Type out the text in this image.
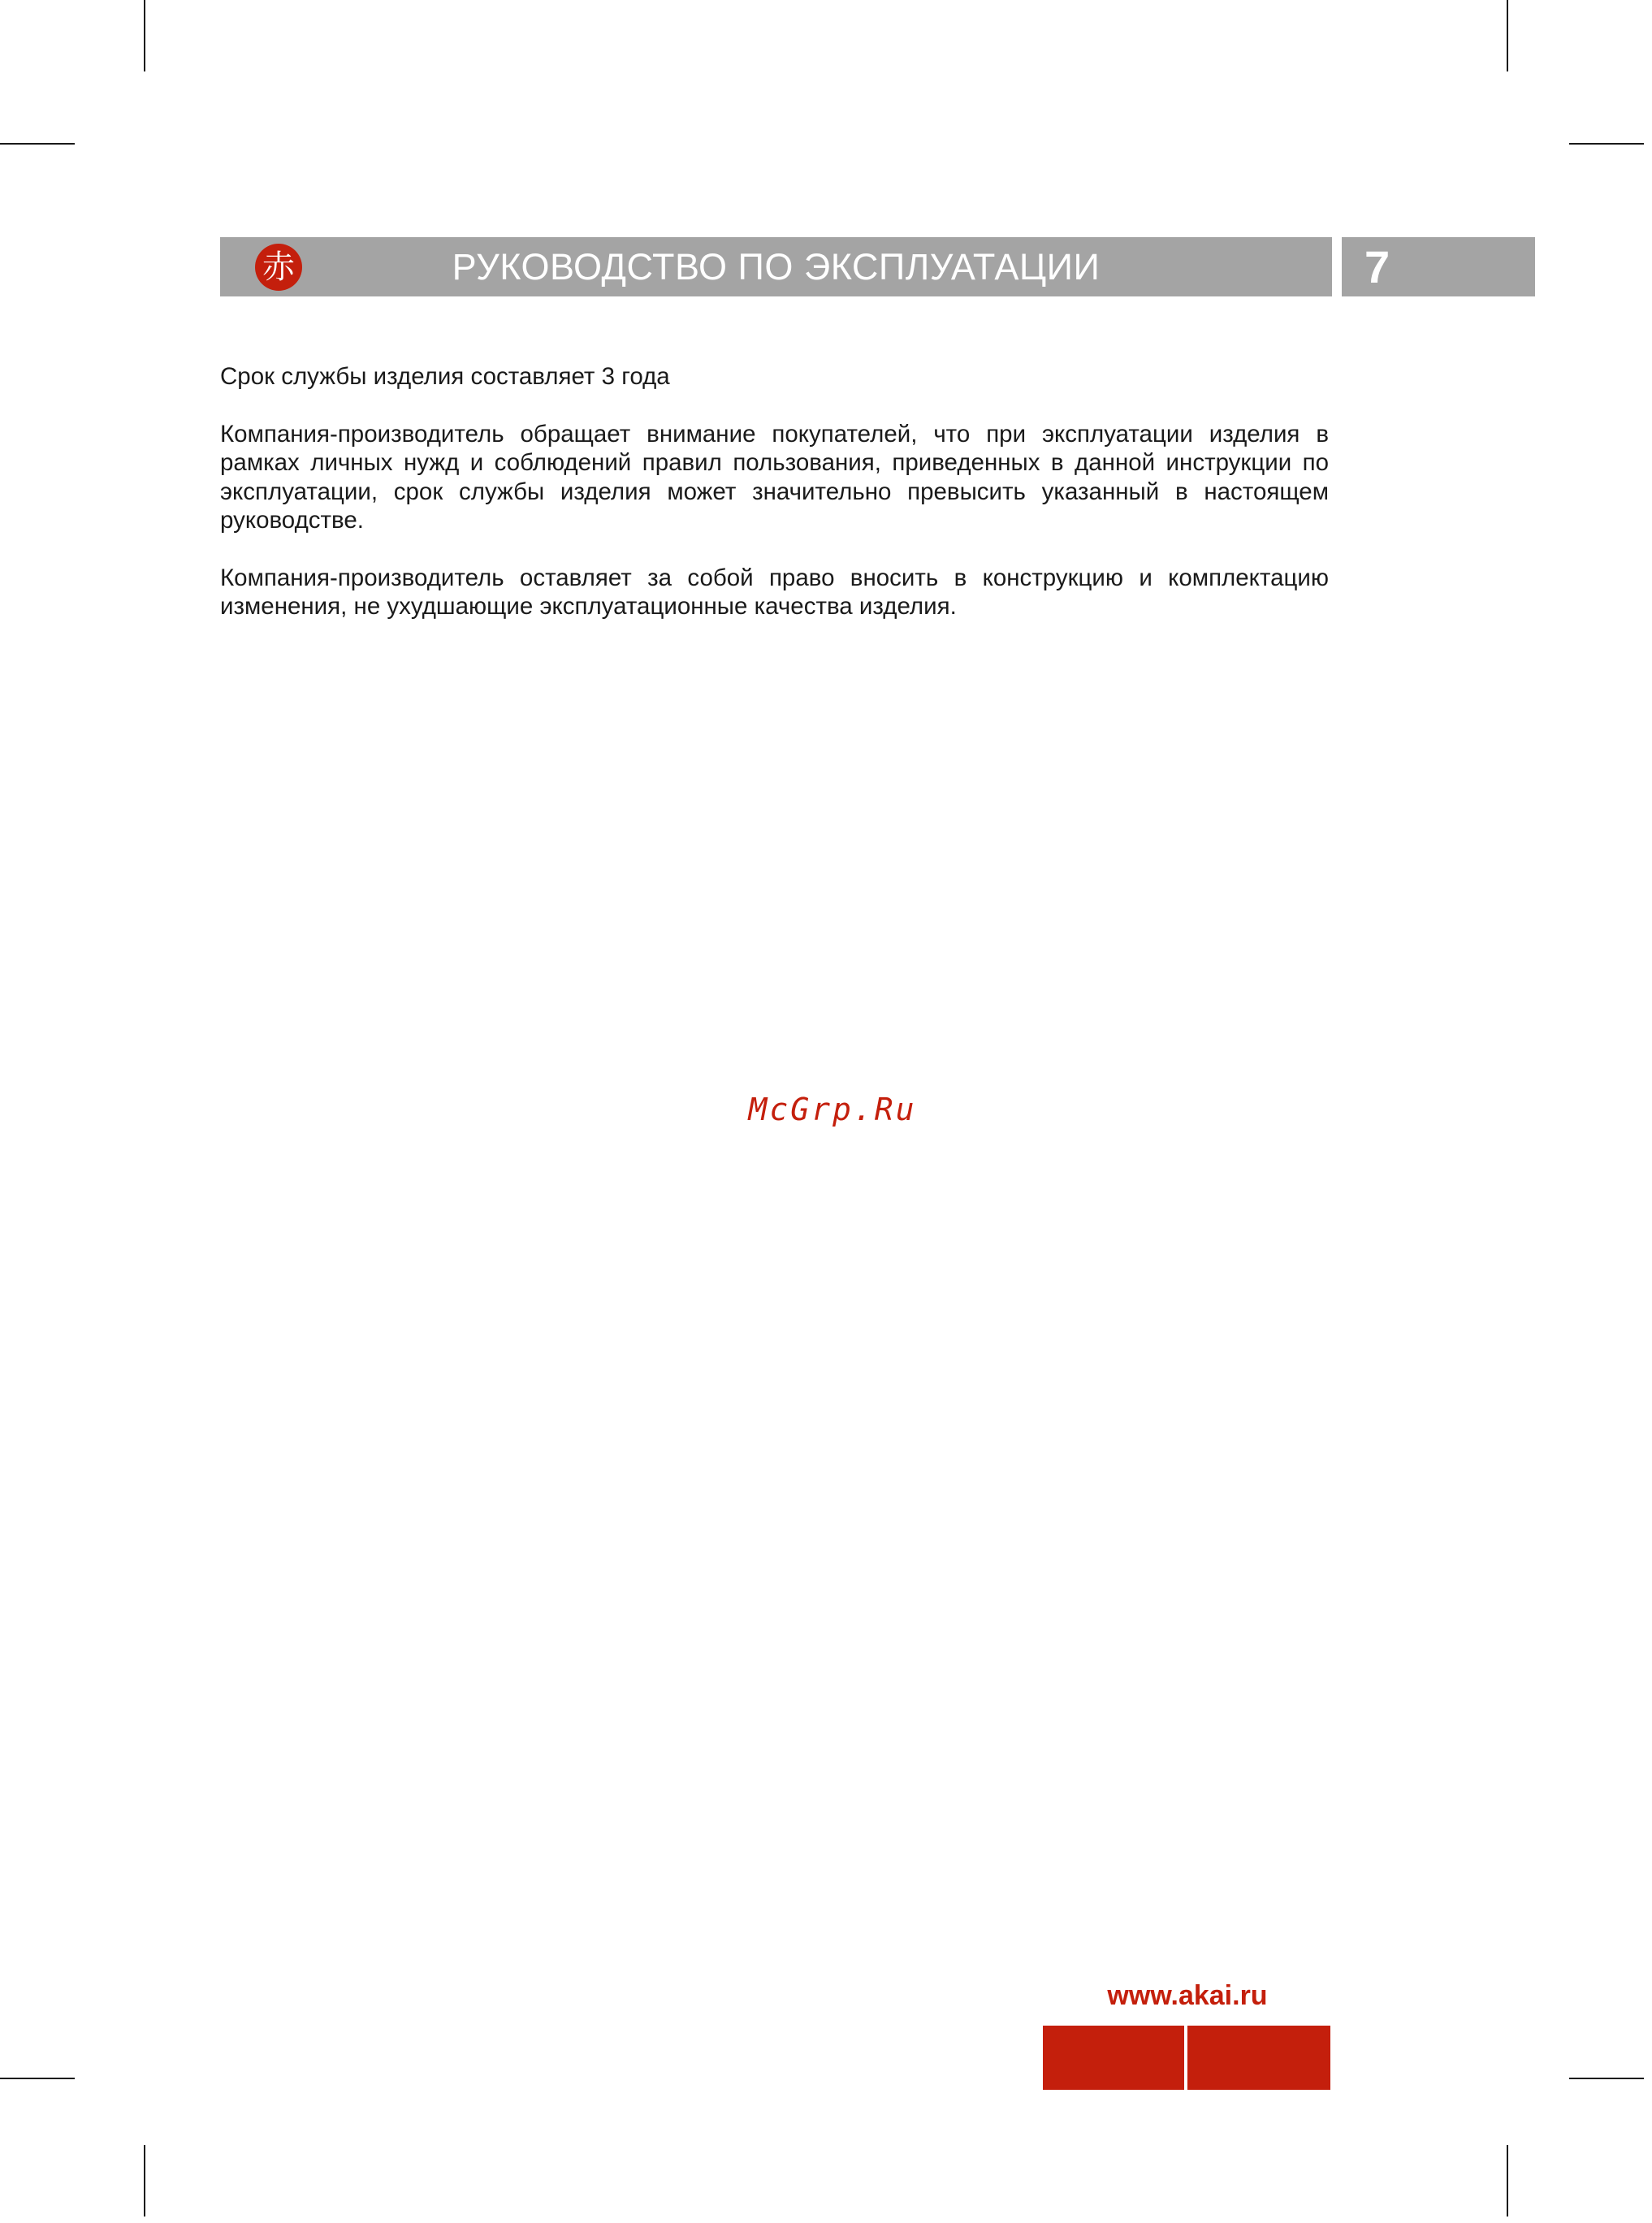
赤	РУКОВОДСТВО ПО ЭКСПЛУАТАЦИИ	7

Срок службы изделия составляет 3 года

Компания-производитель обращает внимание покупателей, что при эксплуатации изделия в рамках личных нужд и соблюдений правил пользования, приведенных в данной инструкции по эксплуатации, срок службы изделия может значительно превысить указанный в настоящем руководстве.

Компания-производитель оставляет за собой право вносить в конструкцию и комплектацию изменения, не ухудшающие эксплуатационные качества изделия.

McGrp.Ru
www.akai.ru
